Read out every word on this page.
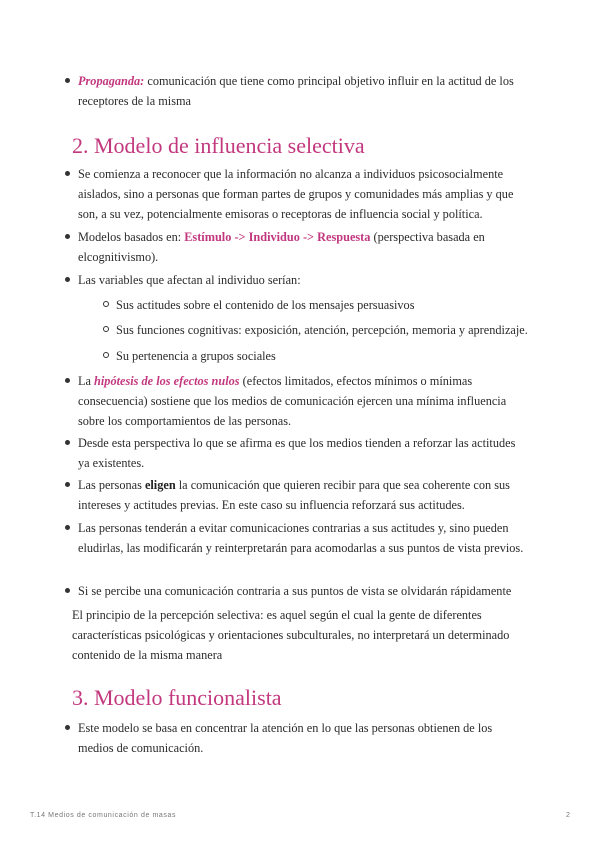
Propaganda: comunicación que tiene como principal objetivo influir en la actitud de los receptores de la misma
2. Modelo de influencia selectiva
Se comienza a reconocer que la información no alcanza a individuos psicosocialmente aislados, sino a personas que forman partes de grupos y comunidades más amplias y que son, a su vez, potencialmente emisoras o receptoras de influencia social y política.
Modelos basados en: Estímulo -> Individuo -> Respuesta (perspectiva basada en elcognitivismo).
Las variables que afectan al individuo serían:
Sus actitudes sobre el contenido de los mensajes persuasivos
Sus funciones cognitivas: exposición, atención, percepción, memoria y aprendizaje.
Su pertenencia a grupos sociales
La hipótesis de los efectos nulos (efectos limitados, efectos mínimos o mínimas consecuencia) sostiene que los medios de comunicación ejercen una mínima influencia sobre los comportamientos de las personas.
Desde esta perspectiva lo que se afirma es que los medios tienden a reforzar las actitudes ya existentes.
Las personas eligen la comunicación que quieren recibir para que sea coherente con sus intereses y actitudes previas. En este caso su influencia reforzará sus actitudes.
Las personas tenderán a evitar comunicaciones contrarias a sus actitudes y, sino pueden eludirlas, las modificarán y reinterpretarán para acomodarlas a sus puntos de vista previos.
Si se percibe una comunicación contraria a sus puntos de vista se olvidarán rápidamente

El principio de la percepción selectiva: es aquel según el cual la gente de diferentes características psicológicas y orientaciones subculturales, no interpretará un determinado contenido de la misma manera

3. Modelo funcionalista
Este modelo se basa en concentrar la atención en lo que las personas obtienen de los medios de comunicación.
T.14 Medios de comunicación de masas	2
